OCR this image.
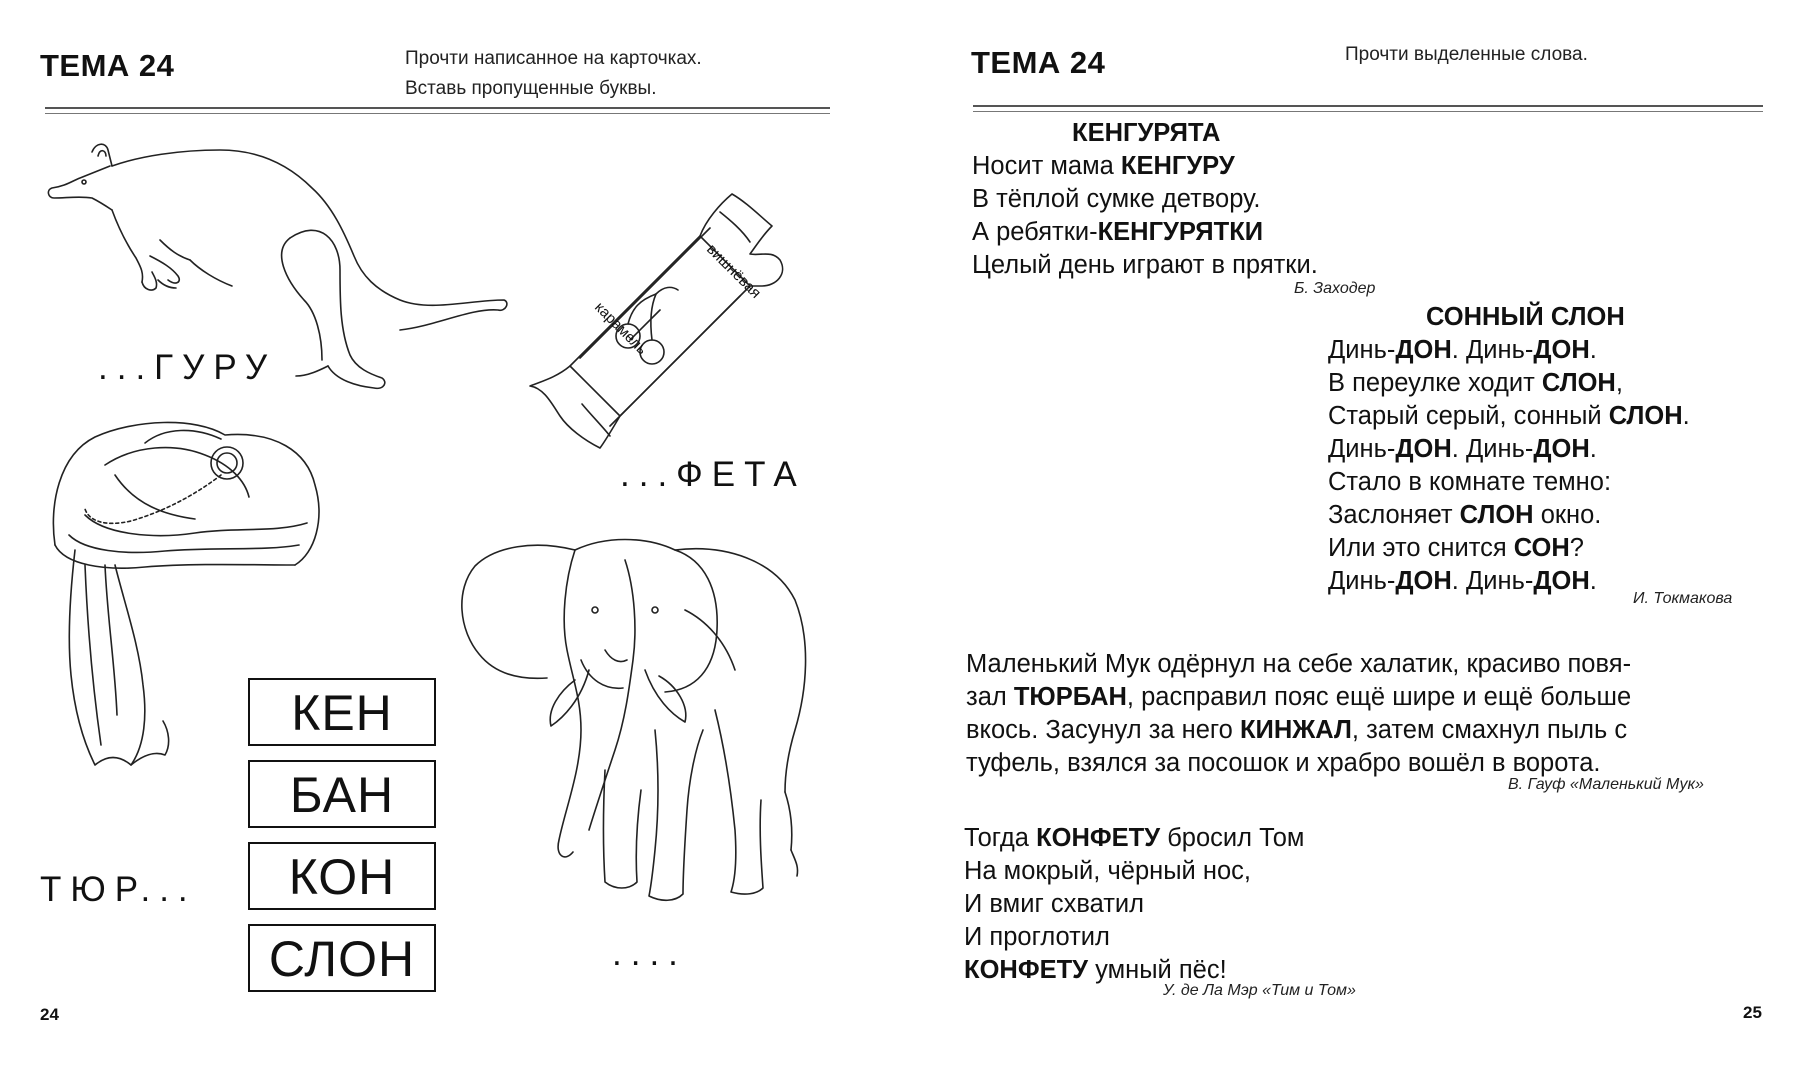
ТЕМА 24	Прочти написанное на карточках.
Вставь пропущенные буквы.
...ГУРУ
вишнёвая
карамель
...ФЕТА
ТЮР...
КЕН
БАН
КОН
СЛОН	....
24
ТЕМА 24	Прочти выделенные слова.
КЕНГУРЯТА
Носит мама КЕНГУРУ
В тёплой сумке детвору.
А ребятки-КЕНГУРЯТКИ
Целый день играют в прятки.
Б. Заходер
СОННЫЙ СЛОН
Динь-ДОН. Динь-ДОН.
В переулке ходит СЛОН,
Старый серый, сонный СЛОН.
Динь-ДОН. Динь-ДОН.
Стало в комнате темно:
Заслоняет СЛОН окно.
Или это снится СОН?
Динь-ДОН. Динь-ДОН.
И. Токмакова
Маленький Мук одёрнул на себе халатик, красиво повя-
зал ТЮРБАН, расправил пояс ещё шире и ещё больше
вкось. Засунул за него КИНЖАЛ, затем смахнул пыль с
туфель, взялся за посошок и храбро вошёл в ворота.
В. Гауф «Маленький Мук»
Тогда КОНФЕТУ бросил Том
На мокрый, чёрный нос,
И вмиг схватил
И проглотил
КОНФЕТУ умный пёс!
У. де Ла Мэр «Тим и Том»
25
